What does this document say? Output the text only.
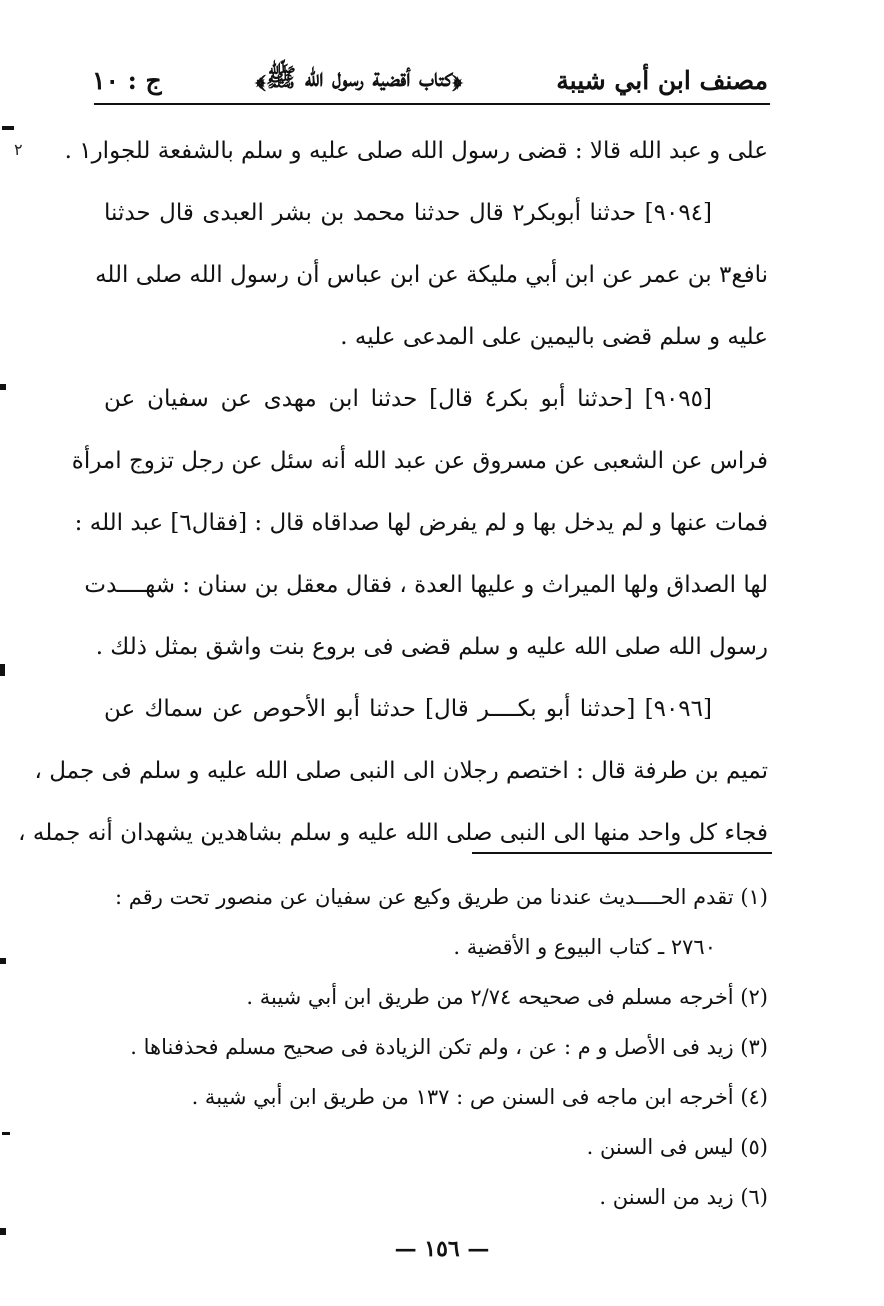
مصنف ابن أبي شيبة
﴿كتاب أقضية رسول الله ﷺ﴾
ج : ١٠
٢ على و عبد الله قالا : قضى رسول الله صلى عليه و سلم بالشفعة للجوار١ .
[٩٠٩٤] حدثنا أبوبكر٢ قال حدثنا محمد بن بشر العبدى قال حدثنا
نافع٣ بن عمر عن ابن أبي مليكة عن ابن عباس أن رسول الله صلى الله
عليه و سلم قضى باليمين على المدعى عليه .
[٩٠٩٥] [حدثنا أبو بكر٤ قال] حدثنا ابن مهدى عن سفيان عن
فراس عن الشعبى عن مسروق عن عبد الله أنه سئل عن رجل تزوج امرأة
فمات عنها و لم يدخل بها و لم يفرض لها صداقاه قال : [فقال٦] عبد الله :
لها الصداق ولها الميراث و عليها العدة ، فقال معقل بن سنان : شهــــدت
رسول الله صلى الله عليه و سلم قضى فى بروع بنت واشق بمثل ذلك .
[٩٠٩٦] [حدثنا أبو بكــــر قال] حدثنا أبو الأحوص عن سماك عن
تميم بن طرفة قال : اختصم رجلان الى النبى صلى الله عليه و سلم فى جمل ،
فجاء كل واحد منها الى النبى صلى الله عليه و سلم بشاهدين يشهدان أنه جمله ،
(١) تقدم الحــــديث عندنا من طريق وكيع عن سفيان عن منصور تحت رقم :
٢٧٦٠ ـ كتاب البيوع و الأقضية .
(٢) أخرجه مسلم فى صحيحه ٢/٧٤ من طريق ابن أبي شيبة .
(٣) زيد فى الأصل و م : عن ، ولم تكن الزيادة فى صحيح مسلم فحذفناها .
(٤) أخرجه ابن ماجه فى السنن ص : ١٣٧ من طريق ابن أبي شيبة .
(٥) ليس فى السنن .
(٦) زيد من السنن .
— ١٥٦ —
